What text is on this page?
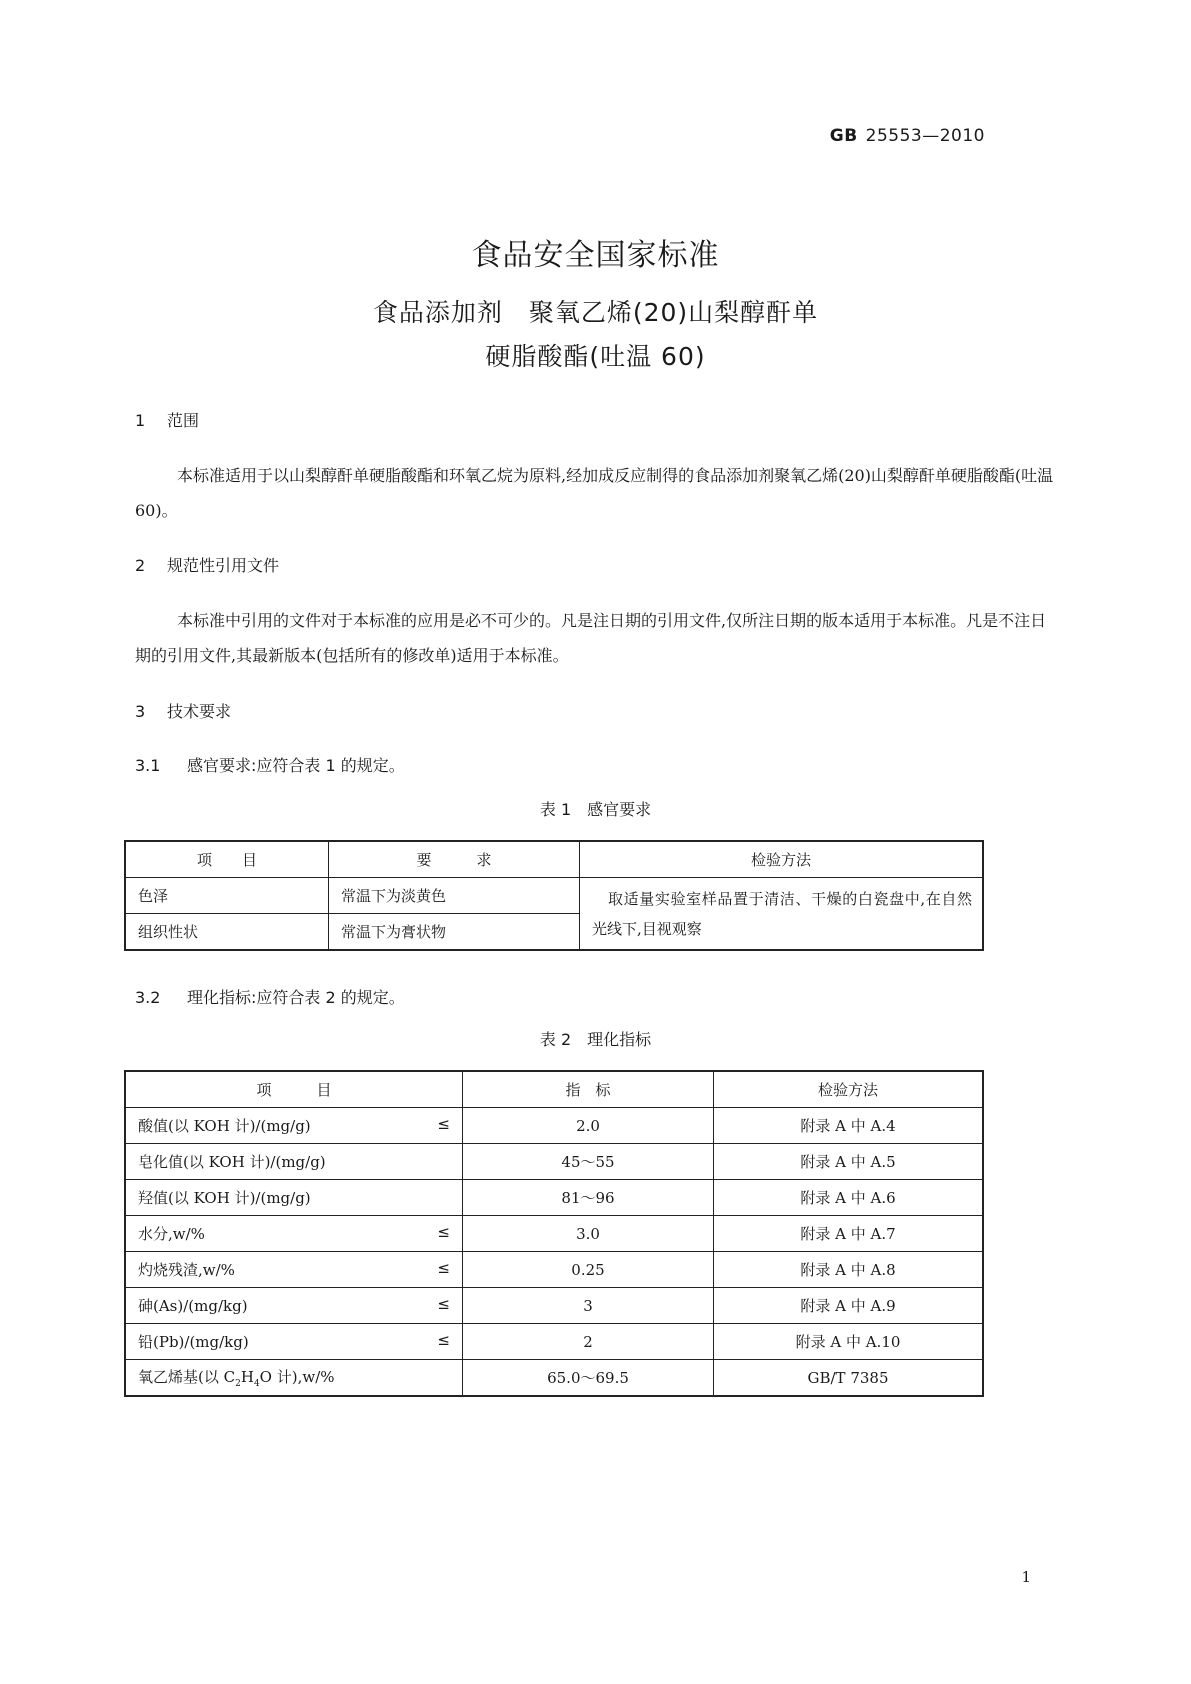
GB 25553—2010
食品安全国家标准
食品添加剂　聚氧乙烯(20)山梨醇酐单
硬脂酸酯(吐温 60)
1 范围
本标准适用于以山梨醇酐单硬脂酸酯和环氧乙烷为原料,经加成反应制得的食品添加剂聚氧乙烯(20)山梨醇酐单硬脂酸酯(吐温 60)。
2 规范性引用文件
本标准中引用的文件对于本标准的应用是必不可少的。凡是注日期的引用文件,仅所注日期的版本适用于本标准。凡是不注日期的引用文件,其最新版本(包括所有的修改单)适用于本标准。
3 技术要求
3.1 感官要求:应符合表 1 的规定。
表 1　感官要求
项　　目	要　　　求	检验方法
色泽	常温下为淡黄色	取适量实验室样品置于清洁、干燥的白瓷盘中,在自然光线下,目视观察
组织性状	常温下为膏状物	
3.2 理化指标:应符合表 2 的规定。
表 2　理化指标
项　　　目	指　标	检验方法
酸值(以 KOH 计)/(mg/g) ≤	2.0	附录 A 中 A.4
皂化值(以 KOH 计)/(mg/g)	45～55	附录 A 中 A.5
羟值(以 KOH 计)/(mg/g)	81～96	附录 A 中 A.6
水分,w/% ≤	3.0	附录 A 中 A.7
灼烧残渣,w/% ≤	0.25	附录 A 中 A.8
砷(As)/(mg/kg) ≤	3	附录 A 中 A.9
铅(Pb)/(mg/kg) ≤	2	附录 A 中 A.10
氧乙烯基(以 $C_2H_4O$ 计),w/%	65.0～69.5	GB/T 7385
1
